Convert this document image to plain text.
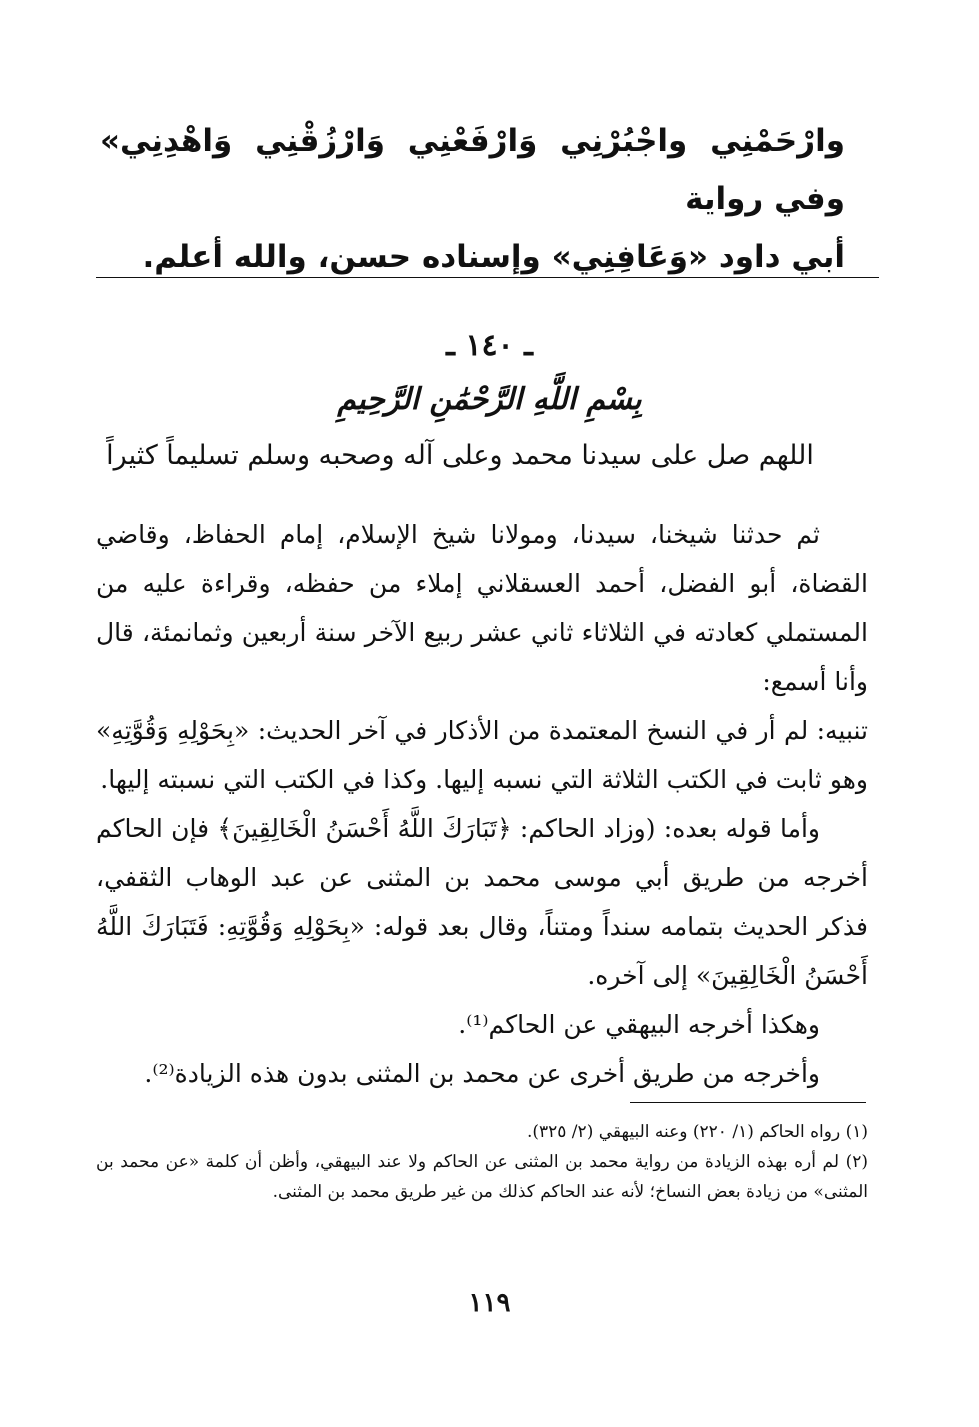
وارْحَمْنِي واجْبُرْنِي وَارْفَعْنِي وَارْزُقْنِي وَاهْدِنِي» وفي رواية

أبي داود «وَعَافِنِي» وإسناده حسن، والله أعلم.

ـ ١٤٠ ـ
بِسْمِ اللَّهِ الرَّحْمَٰنِ الرَّحِيمِ
اللهم صل على سيدنا محمد وعلى آله وصحبه وسلم تسليماً كثيراً

ثم حدثنا شيخنا، سيدنا، ومولانا شيخ الإسلام، إمام الحفاظ، وقاضي القضاة، أبو الفضل، أحمد العسقلاني إملاء من حفظه، وقراءة عليه من المستملي كعادته في الثلاثاء ثاني عشر ربيع الآخر سنة أربعين وثمانمئة، قال وأنا أسمع:

تنبيه: لم أر في النسخ المعتمدة من الأذكار في آخر الحديث: «بِحَوْلِهِ وَقُوَّتِهِ» وهو ثابت في الكتب الثلاثة التي نسبه إليها. وكذا في الكتب التي نسبته إليها.

وأما قوله بعده: (وزاد الحاكم: ﴿تَبَارَكَ اللَّهُ أَحْسَنُ الْخَالِقِينَ﴾ فإن الحاكم أخرجه من طريق أبي موسى محمد بن المثنى عن عبد الوهاب الثقفي، فذكر الحديث بتمامه سنداً ومتناً، وقال بعد قوله: «بِحَوْلِهِ وَقُوَّتِهِ: فَتَبَارَكَ اللَّهُ أَحْسَنُ الْخَالِقِينَ» إلى آخره.

وهكذا أخرجه البيهقي عن الحاكم⁽¹⁾.

وأخرجه من طريق أخرى عن محمد بن المثنى بدون هذه الزيادة⁽²⁾.

(١) رواه الحاكم (١/ ٢٢٠) وعنه البيهقي (٢/ ٣٢٥).

(٢) لم أره بهذه الزيادة من رواية محمد بن المثنى عن الحاكم ولا عند البيهقي، وأظن أن كلمة «عن محمد بن المثنى» من زيادة بعض النساخ؛ لأنه عند الحاكم كذلك من غير طريق محمد بن المثنى.

١١٩
